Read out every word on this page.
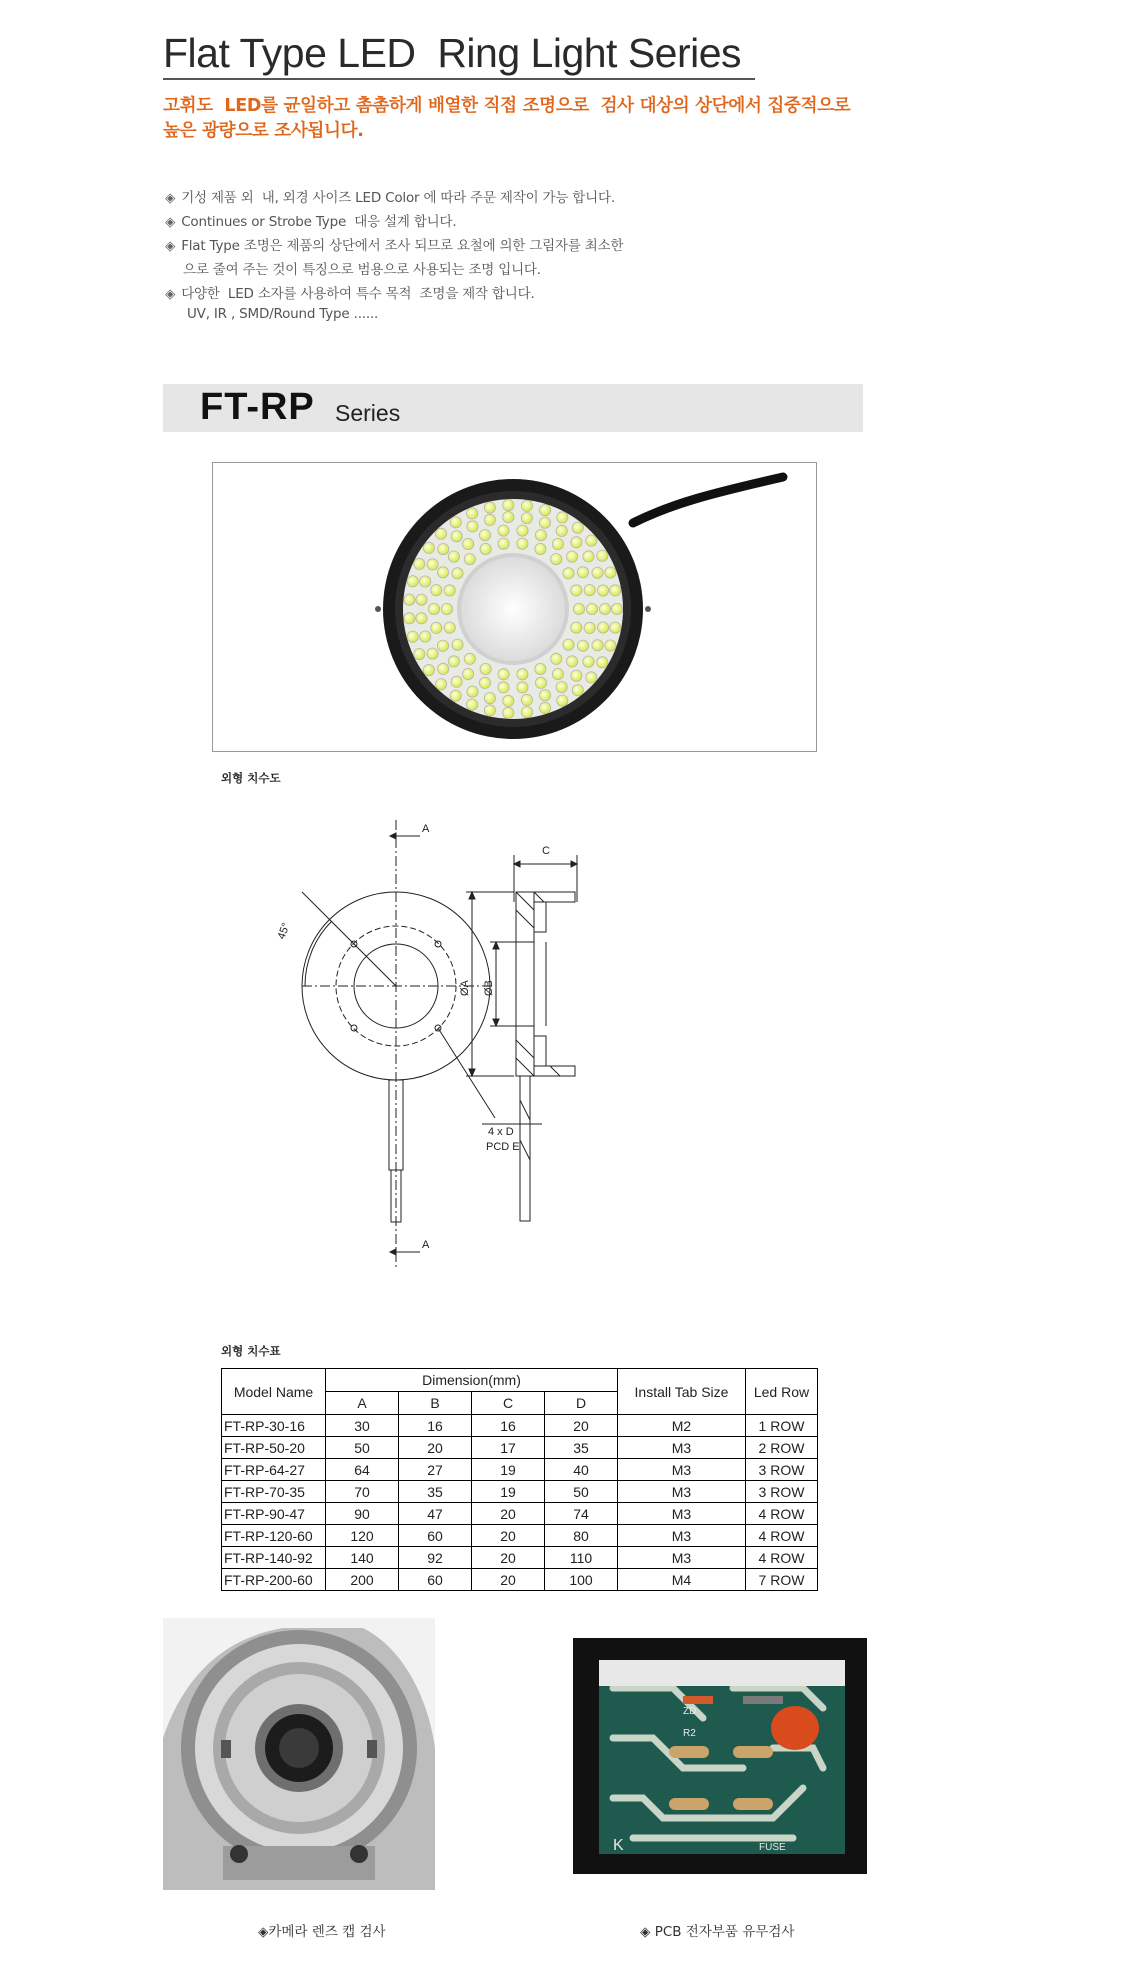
Flat Type LED  Ring Light Series
고휘도  LED를 균일하고 촘촘하게 배열한 직접 조명으로  검사 대상의 상단에서 집중적으로
높은 광량으로 조사됩니다.
◈ 기성 제품 외  내, 외경 사이즈 LED Color 에 따라 주문 제작이 가능 합니다.
◈ Continues or Strobe Type  대응 설계 합니다.
◈ Flat Type 조명은 제품의 상단에서 조사 되므로 요철에 의한 그림자를 최소한
으로 줄여 주는 것이 특징으로 범용으로 사용되는 조명 입니다.
◈ 다양한  LED 소자를 사용하여 특수 목적  조명을 제작 합니다.
UV, IR , SMD/Round Type ......
FT-RP Series
외형 치수도
A
A
C
4 x D
PCD E
ØA ØB
45°
외형 치수표
Model Name	Dimension(mm)				Install Tab Size	Led Row
	A	B	C	D		
FT-RP-30-16	30	16	16	20	M2	1 ROW
FT-RP-50-20	50	20	17	35	M3	2 ROW
FT-RP-64-27	64	27	19	40	M3	3 ROW
FT-RP-70-35	70	35	19	50	M3	3 ROW
FT-RP-90-47	90	47	20	74	M3	4 ROW
FT-RP-120-60	120	60	20	80	M3	4 ROW
FT-RP-140-92	140	92	20	110	M3	4 ROW
FT-RP-200-60	200	60	20	100	M4	7 ROW
ZD
R2
FUSE
K
◈카메라 렌즈 캡 검사	◈ PCB 전자부품 유무검사
